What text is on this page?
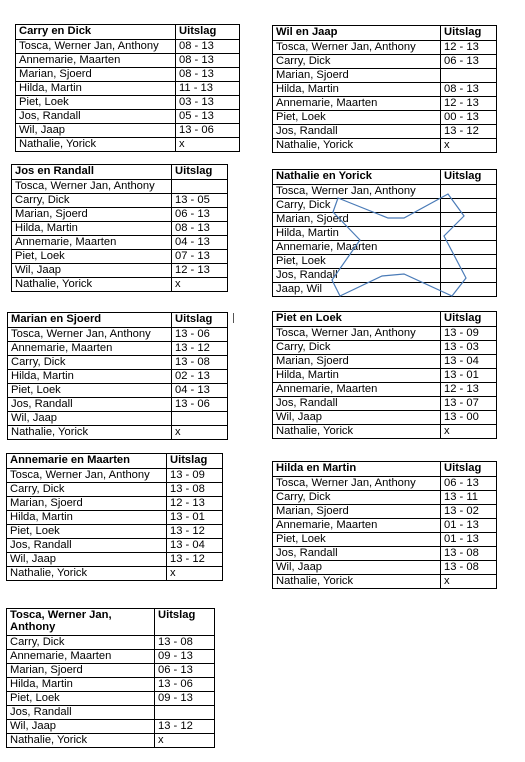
Carry en Dick	Uitslag
Tosca, Werner Jan, Anthony	08 - 13
Annemarie, Maarten	08 - 13
Marian, Sjoerd	08 - 13
Hilda, Martin	11 - 13
Piet, Loek	03 - 13
Jos, Randall	05 - 13
Wil, Jaap	13 - 06
Nathalie, Yorick	x
Wil en Jaap	Uitslag
Tosca, Werner Jan, Anthony	12 - 13
Carry, Dick	06 - 13
Marian, Sjoerd	
Hilda, Martin	08 - 13
Annemarie, Maarten	12 - 13
Piet, Loek	00 - 13
Jos, Randall	13 - 12
Nathalie, Yorick	x
Jos en Randall	Uitslag
Tosca, Werner Jan, Anthony	
Carry, Dick	13 - 05
Marian, Sjoerd	06 - 13
Hilda, Martin	08 - 13
Annemarie, Maarten	04 - 13
Piet, Loek	07 - 13
Wil, Jaap	12 - 13
Nathalie, Yorick	x
Nathalie en Yorick	Uitslag
Tosca, Werner Jan, Anthony	
Carry, Dick	
Marian, Sjoerd	
Hilda, Martin	
Annemarie, Maarten	
Piet, Loek	
Jos, Randall	
Jaap, Wil	
Marian en Sjoerd	Uitslag
Tosca, Werner Jan, Anthony	13 - 06
Annemarie, Maarten	13 - 12
Carry, Dick	13 - 08
Hilda, Martin	02 - 13
Piet, Loek	04 - 13
Jos, Randall	13 - 06
Wil, Jaap	
Nathalie, Yorick	x
Piet en Loek	Uitslag
Tosca, Werner Jan, Anthony	13 - 09
Carry, Dick	13 - 03
Marian, Sjoerd	13 - 04
Hilda, Martin	13 - 01
Annemarie, Maarten	12 - 13
Jos, Randall	13 - 07
Wil, Jaap	13 - 00
Nathalie, Yorick	x
Annemarie en Maarten	Uitslag
Tosca, Werner Jan, Anthony	13 - 09
Carry, Dick	13 - 08
Marian, Sjoerd	12 - 13
Hilda, Martin	13 - 01
Piet, Loek	13 - 12
Jos, Randall	13 - 04
Wil, Jaap	13 - 12
Nathalie, Yorick	x
Hilda en Martin	Uitslag
Tosca, Werner Jan, Anthony	06 - 13
Carry, Dick	13 - 11
Marian, Sjoerd	13 - 02
Annemarie, Maarten	01 - 13
Piet, Loek	01 - 13
Jos, Randall	13 - 08
Wil, Jaap	13 - 08
Nathalie, Yorick	x
Tosca, Werner Jan,
Anthony	Uitslag
Carry, Dick	13 - 08
Annemarie, Maarten	09 - 13
Marian, Sjoerd	06 - 13
Hilda, Martin	13 - 06
Piet, Loek	09 - 13
Jos, Randall	
Wil, Jaap	13 - 12
Nathalie, Yorick	x
